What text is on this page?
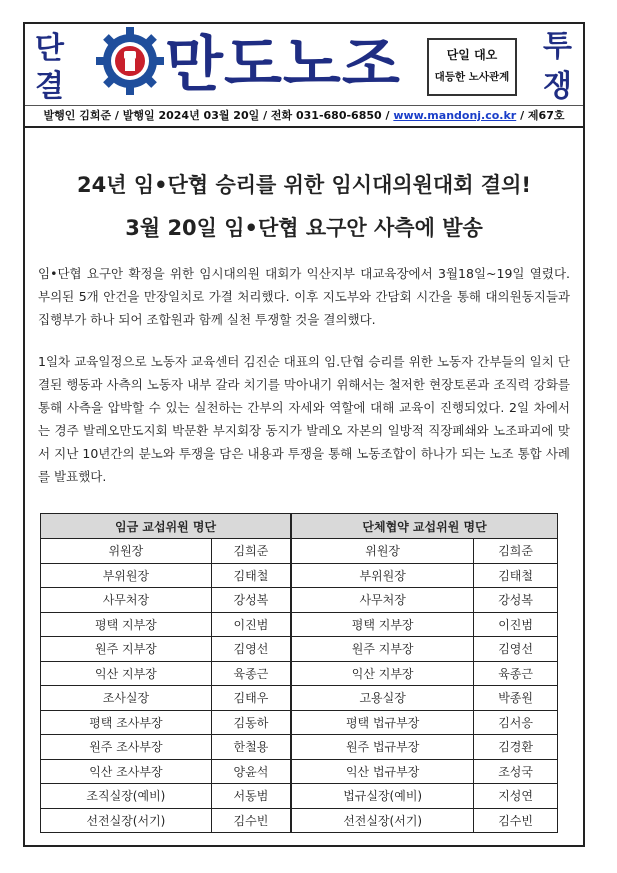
단
결 만도노조	단일 대오
대등한 노사관계
투
쟁
발행인 김희준 / 발행일 2024년 03월 20일 / 전화 031-680-6850 / www.mandonj.co.kr / 제67호
24년 임•단협 승리를 위한 임시대의원대회 결의!
3월 20일 임•단협 요구안 사측에 발송
임•단협 요구안 확정을 위한 임시대의원 대회가 익산지부 대교육장에서 3월18일~19일 열렸다. 부의된 5개 안건을 만장일치로 가결 처리했다. 이후 지도부와 간담회 시간을 통해 대의원동지들과 집행부가 하나 되어 조합원과 함께 실천 투쟁할 것을 결의했다.
1일차 교육일정으로 노동자 교육센터 김진순 대표의 임.단협 승리를 위한 노동자 간부들의 일치 단결된 행동과 사측의 노동자 내부 갈라 치기를 막아내기 위해서는 철저한 현장토론과 조직력 강화를 통해 사측을 압박할 수 있는 실천하는 간부의 자세와 역할에 대해 교육이 진행되었다. 2일 차에서는 경주 발레오만도지회 박문환 부지회장 동지가 발레오 자본의 일방적 직장폐쇄와 노조파괴에 맞서 지난 10년간의 분노와 투쟁을 담은 내용과 투쟁을 통해 노동조합이 하나가 되는 노조 통합 사례를 발표했다.
임금 교섭위원 명단		단체협약 교섭위원 명단	
위원장	김희준	위원장	김희준
부위원장	김태철	부위원장	김태철
사무처장	강성복	사무처장	강성복
평택 지부장	이진범	평택 지부장	이진범
원주 지부장	김영선	원주 지부장	김영선
익산 지부장	육종근	익산 지부장	육종근
조사실장	김태우	고용실장	박종원
평택 조사부장	김동하	평택 법규부장	김서응
원주 조사부장	한철용	원주 법규부장	김경환
익산 조사부장	양윤석	익산 법규부장	조성국
조직실장(예비)	서동범	법규실장(예비)	지성연
선전실장(서기)	김수빈	선전실장(서기)	김수빈
